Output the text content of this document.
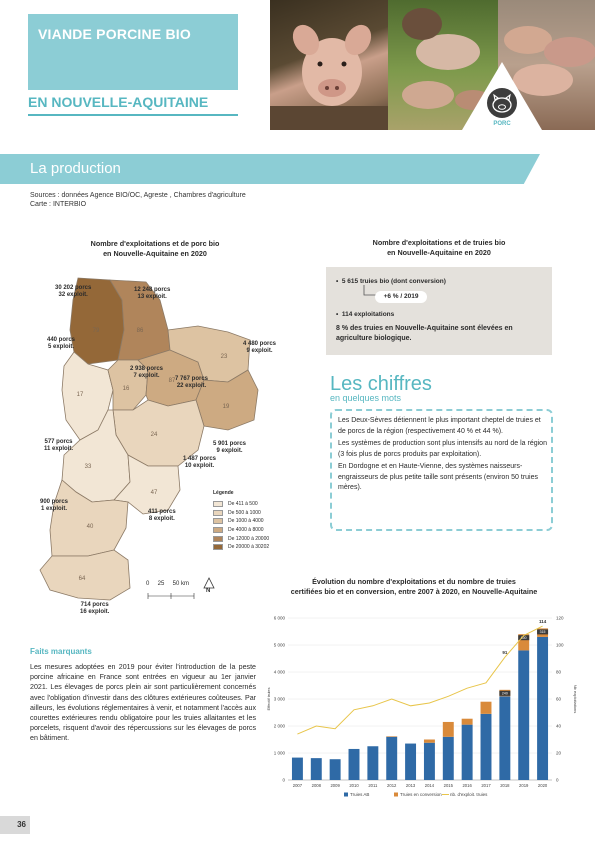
VIANDE PORCINE BIO
EN NOUVELLE-AQUITAINE
PORC
La production
Sources : données Agence BIO/OC, Agreste , Chambres d'agriculture
Carte : INTERBIO
Nombre d'exploitations et de porc bio
en Nouvelle-Aquitaine en 2020
79	86
17
16
87
23
19
24
33
47
40
64
30 202 porcs
32 exploit.
12 248 porcs
13 exploit.
440 porcs
5 exploit.	4 480 porcs
9 exploit.
2 938 porcs
7 exploit.	7 767 porcs
22 exploit.
5 901 porcs
9 exploit.
577 porcs
11 exploit.
1 487 porcs
10 exploit.
900 porcs
1 exploit.	411 porcs
8 exploit.
714 porcs
16 exploit.
Légende
De 411 à 500
De 500 à 1000
De 1000 à 4000
De 4000 à 8000
De 12000 à 20000
De 20000 à 30202
0     25     50 km
N
Nombre d'exploitations et de truies bio
en Nouvelle-Aquitaine en 2020
•  5 615 truies bio (dont conversion)
+6 % / 2019
•  114 exploitations
8 % des truies en Nouvelle-Aquitaine sont élevées en agriculture biologique.
Les chiffres
en quelques mots

Les Deux-Sèvres détiennent le plus important cheptel de truies et de porcs de la région (respectivement 40 % et 44 %).

Les systèmes de production sont plus intensifs au nord de la région (3 fois plus de porcs produits par exploitation).

En Dordogne et en Haute-Vienne, des systèmes naisseurs-engraisseurs de plus petite taille sont présents (environ 50 truies mères).

Évolution du nombre d'exploitations et du nombre de truies
certifiées bio et en conversion, entre 2007 à 2020, en Nouvelle-Aquitaine
0
1 000
2 000
3 000
4 000
5 000
6 000
0
20
40
60
80
100
120
Effectif truies	Nb exploitations
2007 2008 2009 2010 2011 2012 2013 2014 2015 2016 2017 2018
240
2019
600
2020
315
91
114
Truies AB	Truies en conversion nb. d'exploit. truies
Faits marquants
Les mesures adoptées en 2019 pour éviter l'introduction de la peste porcine africaine en France sont entrées en vigueur au 1er janvier 2021. Les élevages de porcs plein air sont particulièrement concernés avec l'obligation d'investir dans des clôtures extérieures coûteuses. Par ailleurs, les évolutions réglementaires à venir, et notamment l'accès aux courettes extérieures rendu obligatoire pour les truies allaitantes et les porcelets, risquent d'avoir des répercussions sur les élevages de porcs en bâtiment.
36
